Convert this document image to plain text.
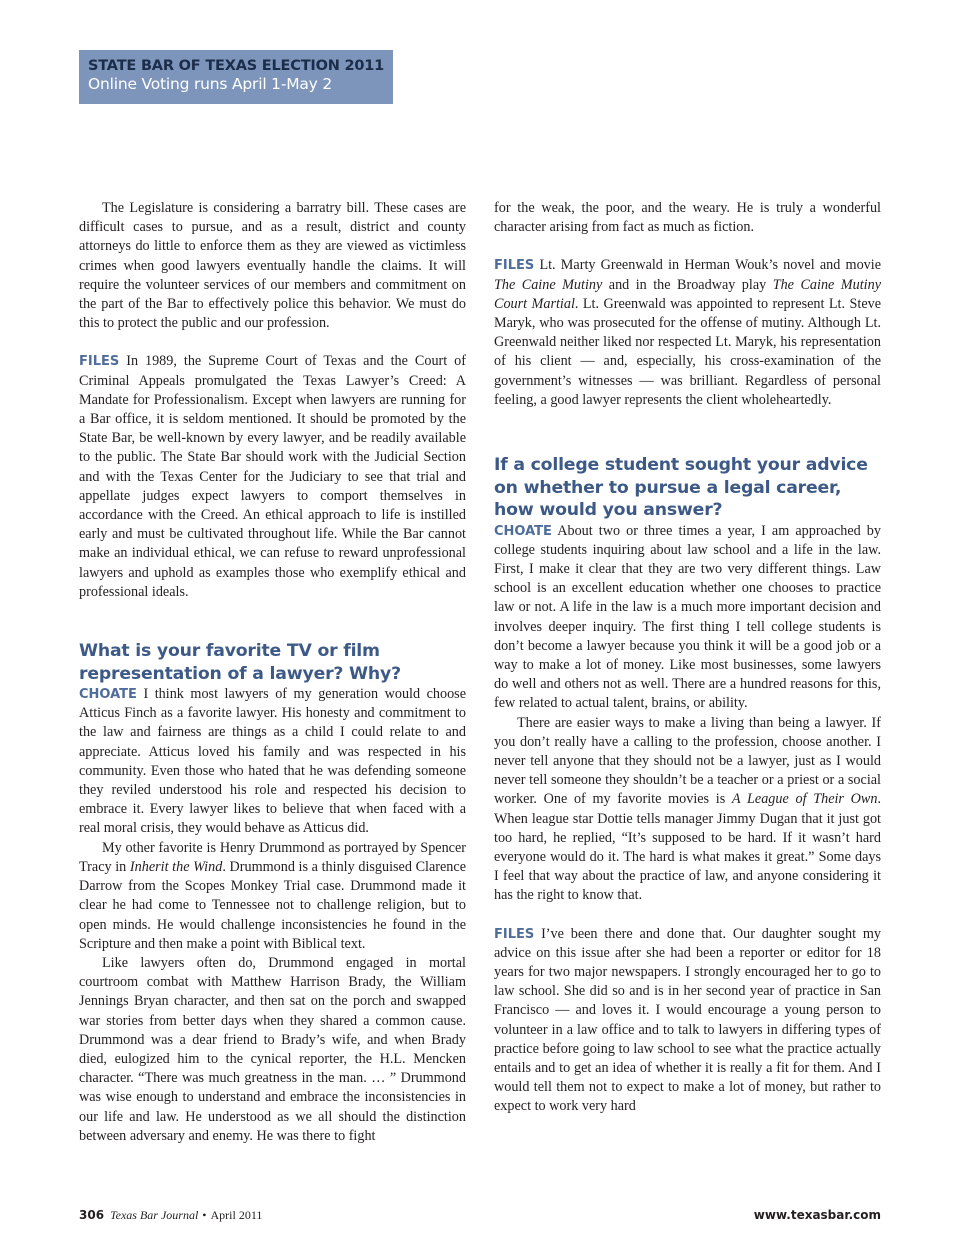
STATE BAR OF TEXAS ELECTION 2011
Online Voting runs April 1-May 2

The Legislature is considering a barratry bill. These cases are difficult cases to pursue, and as a result, district and county attorneys do little to enforce them as they are viewed as victimless crimes when good lawyers eventually handle the claims. It will require the volunteer services of our members and commitment on the part of the Bar to effectively police this behavior. We must do this to protect the public and our profession.

FILES In 1989, the Supreme Court of Texas and the Court of Criminal Appeals promulgated the Texas Lawyer’s Creed: A Mandate for Professionalism. Except when lawyers are running for a Bar office, it is seldom mentioned. It should be promoted by the State Bar, be well-known by every lawyer, and be readily available to the public. The State Bar should work with the Judicial Section and with the Texas Center for the Judiciary to see that trial and appellate judges expect lawyers to comport themselves in accordance with the Creed. An ethical approach to life is instilled early and must be cultivated throughout life. While the Bar cannot make an individual ethical, we can refuse to reward unprofessional lawyers and uphold as examples those who exemplify ethical and professional ideals.

What is your favorite TV or film representation of a lawyer? Why?

CHOATE I think most lawyers of my generation would choose Atticus Finch as a favorite lawyer. His honesty and commitment to the law and fairness are things as a child I could relate to and appreciate. Atticus loved his family and was respected in his community. Even those who hated that he was defending someone they reviled understood his role and respected his decision to embrace it. Every lawyer likes to believe that when faced with a real moral crisis, they would behave as Atticus did.

My other favorite is Henry Drummond as portrayed by Spencer Tracy in Inherit the Wind. Drummond is a thinly disguised Clarence Darrow from the Scopes Monkey Trial case. Drummond made it clear he had come to Tennessee not to challenge religion, but to open minds. He would challenge inconsistencies he found in the Scripture and then make a point with Biblical text.

Like lawyers often do, Drummond engaged in mortal courtroom combat with Matthew Harrison Brady, the William Jennings Bryan character, and then sat on the porch and swapped war stories from better days when they shared a common cause. Drummond was a dear friend to Brady’s wife, and when Brady died, eulogized him to the cynical reporter, the H.L. Mencken character. “There was much greatness in the man. … ” Drummond was wise enough to understand and embrace the inconsistencies in our life and law. He understood as we all should the distinction between adversary and enemy. He was there to fight

for the weak, the poor, and the weary. He is truly a wonderful character arising from fact as much as fiction.

FILES Lt. Marty Greenwald in Herman Wouk’s novel and movie The Caine Mutiny and in the Broadway play The Caine Mutiny Court Martial. Lt. Greenwald was appointed to represent Lt. Steve Maryk, who was prosecuted for the offense of mutiny. Although Lt. Greenwald neither liked nor respected Lt. Maryk, his representation of his client — and, especially, his cross-examination of the government’s witnesses — was brilliant. Regardless of personal feeling, a good lawyer represents the client wholeheartedly.

If a college student sought your advice on whether to pursue a legal career, how would you answer?

CHOATE About two or three times a year, I am approached by college students inquiring about law school and a life in the law. First, I make it clear that they are two very different things. Law school is an excellent education whether one chooses to practice law or not. A life in the law is a much more important decision and involves deeper inquiry. The first thing I tell college students is don’t become a lawyer because you think it will be a good job or a way to make a lot of money. Like most businesses, some lawyers do well and others not as well. There are a hundred reasons for this, few related to actual talent, brains, or ability.

There are easier ways to make a living than being a lawyer. If you don’t really have a calling to the profession, choose another. I never tell anyone that they should not be a lawyer, just as I would never tell someone they shouldn’t be a teacher or a priest or a social worker. One of my favorite movies is A League of Their Own. When league star Dottie tells manager Jimmy Dugan that it just got too hard, he replied, “It’s supposed to be hard. If it wasn’t hard everyone would do it. The hard is what makes it great.” Some days I feel that way about the practice of law, and anyone considering it has the right to know that.

FILES I’ve been there and done that. Our daughter sought my advice on this issue after she had been a reporter or editor for 18 years for two major newspapers. I strongly encouraged her to go to law school. She did so and is in her second year of practice in San Francisco — and loves it. I would encourage a young person to volunteer in a law office and to talk to lawyers in differing types of practice before going to law school to see what the practice actually entails and to get an idea of whether it is really a fit for them. And I would tell them not to expect to make a lot of money, but rather to expect to work very hard

306 Texas Bar Journal • April 2011	www.texasbar.com
